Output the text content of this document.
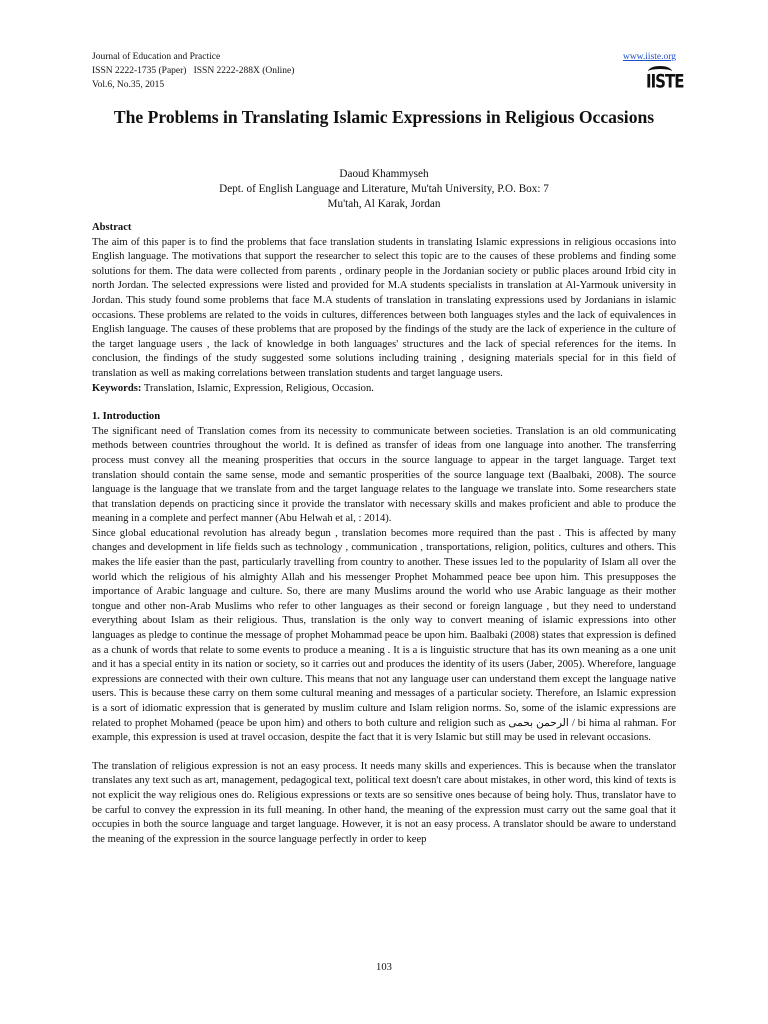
Journal of Education and Practice
ISSN 2222-1735 (Paper)   ISSN 2222-288X (Online)
Vol.6, No.35, 2015
www.iiste.org
IISTE
The Problems in Translating Islamic Expressions in Religious Occasions
Daoud Khammyseh
Dept. of English Language and Literature, Mu'tah University, P.O. Box: 7
Mu'tah, Al Karak, Jordan

Abstract

The aim of this paper is to find the problems that face translation students in translating Islamic expressions in religious occasions into English language. The motivations that support the researcher to select this topic are to the causes of these problems and finding some solutions for them. The data were collected from parents , ordinary people in the Jordanian society or public places around Irbid city in north Jordan. The selected expressions were listed and provided for M.A students specialists in translation at Al-Yarmouk university in Jordan. This study found some problems that face M.A students of translation in translating expressions used by Jordanians in islamic occasions. These problems are related to the voids in cultures, differences between both languages styles and the lack of equivalences in English language. The causes of these problems that are proposed by the findings of the study are the lack of experience in the culture of the target language users , the lack of knowledge in both languages' structures and the lack of special references for the items. In conclusion, the findings of the study suggested some solutions including training , designing materials special for in this field of translation as well as making correlations between translation students and target language users.

Keywords: Translation, Islamic, Expression, Religious, Occasion.

1. Introduction

The significant need of Translation comes from its necessity to communicate between societies. Translation is an old communicating methods between countries throughout the world. It is defined as transfer of ideas from one language into another. The transferring process must convey all the meaning prosperities that occurs in the source language to appear in the target language. Target text translation should contain the same sense, mode and semantic prosperities of the source language text (Baalbaki, 2008). The source language is the language that we translate from and the target language relates to the language we translate into. Some researchers state that translation depends on practicing since it provide the translator with necessary skills and makes proficient and able to produce the meaning in a complete and perfect manner (Abu Helwah et al, : 2014).

Since global educational revolution has already begun , translation becomes more required than the past . This is affected by many changes and development in life fields such as technology , communication , transportations, religion, politics, cultures and others. This makes the life easier than the past, particularly travelling from country to another. These issues led to the popularity of Islam all over the world which the religious of his almighty Allah and his messenger Prophet Mohammed peace bee upon him. This presupposes the importance of Arabic language and culture. So, there are many Muslims around the world who use Arabic language as their mother tongue and other non-Arab Muslims who refer to other languages as their second or foreign language , but they need to understand everything about Islam as their religious. Thus, translation is the only way to convert meaning of islamic expressions into other languages as pledge to continue the message of prophet Mohammad peace be upon him. Baalbaki (2008) states that expression is defined as a chunk of words that relate to some events to produce a meaning . It is a is linguistic structure that has its own meaning as a one unit and it has a special entity in its nation or society, so it carries out and produces the identity of its users (Jaber, 2005). Wherefore, language expressions are connected with their own culture. This means that not any language user can understand them except the language native users. This is because these carry on them some cultural meaning and messages of a particular society. Therefore, an Islamic expression is a sort of idiomatic expression that is generated by muslim culture and Islam religion norms. So, some of the islamic expressions are related to prophet Mohamed (peace be upon him) and others to both culture and religion such as الرحمن بحمى / bi hima al rahman. For example, this expression is used at travel occasion, despite the fact that it is very Islamic but still may be used in relevant occasions.

The translation of religious expression is not an easy process. It needs many skills and experiences. This is because when the translator translates any text such as art, management, pedagogical text, political text doesn't care about mistakes, in other word, this kind of texts is not explicit the way religious ones do. Religious expressions or texts are so sensitive ones because of being holy. Thus, translator have to be carful to convey the expression in its full meaning. In other hand, the meaning of the expression must carry out the same goal that it occupies in both the source language and target language. However, it is not an easy process. A translator should be aware to understand the meaning of the expression in the source language perfectly in order to keep

103
